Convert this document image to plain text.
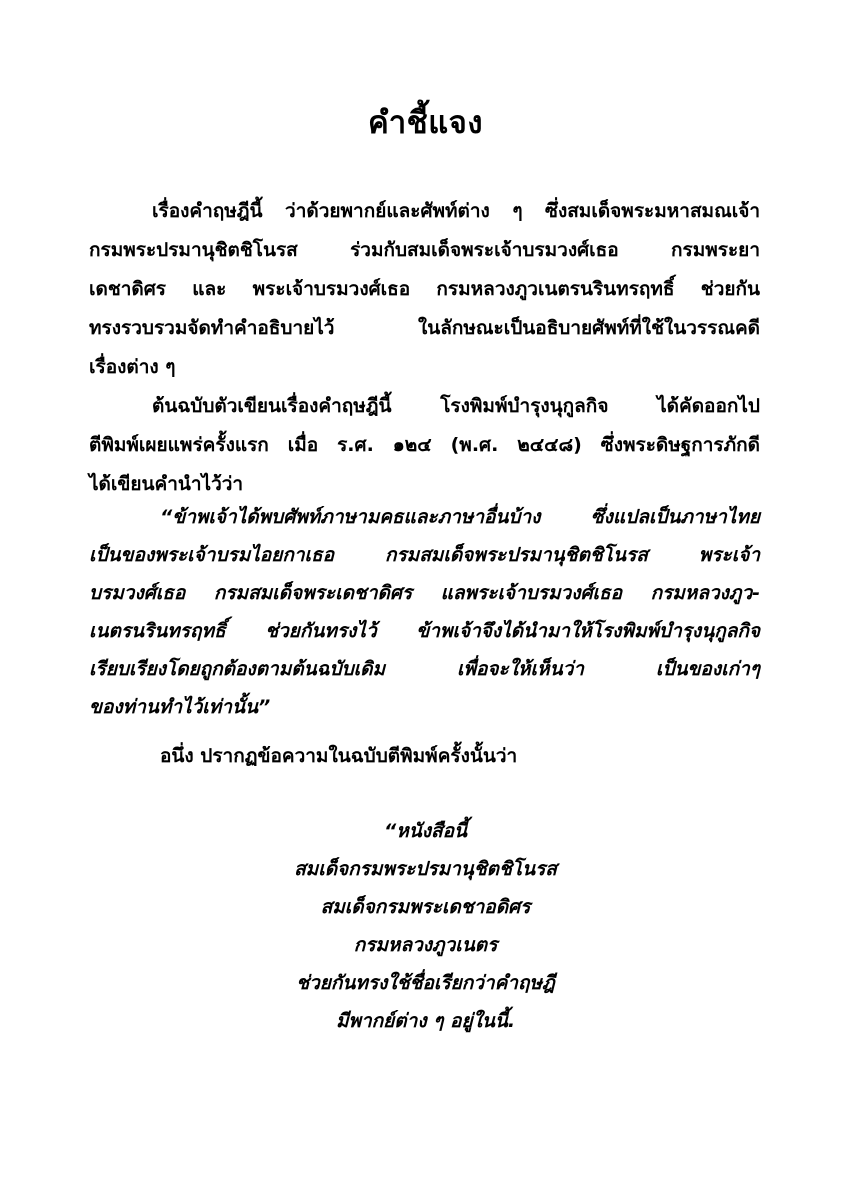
คำชี้แจง
เรื่องคำฤษฎีนี้ ว่าด้วยพากย์และศัพท์ต่าง ๆ ซึ่งสมเด็จพระมหาสมณเจ้า
กรมพระปรมานุชิตชิโนรส ร่วมกับสมเด็จพระเจ้าบรมวงศ์เธอ กรมพระยา
เดชาดิศร และ พระเจ้าบรมวงศ์เธอ กรมหลวงภูวเนตรนรินทรฤทธิ์ ช่วยกัน
ทรงรวบรวมจัดทำคำอธิบายไว้ ในลักษณะเป็นอธิบายศัพท์ที่ใช้ในวรรณคดี
เรื่องต่าง ๆ
ต้นฉบับตัวเขียนเรื่องคำฤษฎีนี้ โรงพิมพ์บำรุงนุกูลกิจ ได้คัดออกไป
ตีพิมพ์เผยแพร่ครั้งแรก เมื่อ ร.ศ. ๑๒๔ (พ.ศ. ๒๔๔๘) ซึ่งพระดิษฐการภักดี
ได้เขียนคำนำไว้ว่า
“ข้าพเจ้าได้พบศัพท์ภาษามคธและภาษาอื่นบ้าง ซึ่งแปลเป็นภาษาไทย
เป็นของพระเจ้าบรมไอยกาเธอ กรมสมเด็จพระปรมานุชิตชิโนรส พระเจ้า
บรมวงศ์เธอ กรมสมเด็จพระเดชาดิศร แลพระเจ้าบรมวงศ์เธอ กรมหลวงภูว-
เนตรนรินทรฤทธิ์ ช่วยกันทรงไว้ ข้าพเจ้าจึงได้นำมาให้โรงพิมพ์บำรุงนุกูลกิจ
เรียบเรียงโดยถูกต้องตามต้นฉบับเดิม เพื่อจะให้เห็นว่า เป็นของเก่าๆ
ของท่านทำไว้เท่านั้น”
อนึ่ง ปรากฏข้อความในฉบับตีพิมพ์ครั้งนั้นว่า
“หนังสือนี้
สมเด็จกรมพระปรมานุชิตชิโนรส
สมเด็จกรมพระเดชาอดิศร
กรมหลวงภูวเนตร
ช่วยกันทรงใช้ชื่อเรียกว่าคำฤษฎี
มีพากย์ต่าง ๆ อยู่ในนี้.
